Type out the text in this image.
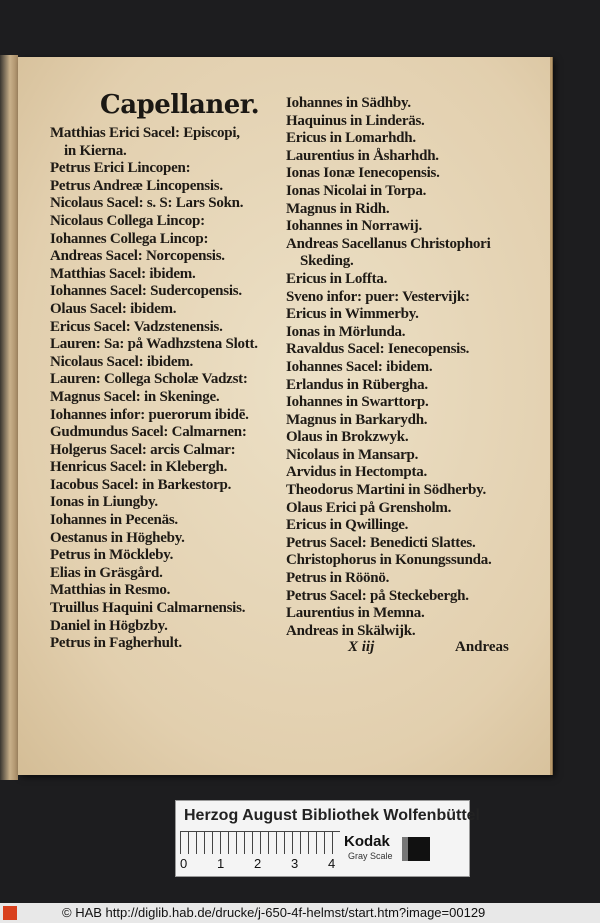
Capellaner.
Matthias Erici Sacel: Episcopi,
in Kierna.
Petrus Erici Lincopen:
Petrus Andreæ Lincopensis.
Nicolaus Sacel: s. S: Lars Sokn.
Nicolaus Collega Lincop:
Iohannes Collega Lincop:
Andreas Sacel: Norcopensis.
Matthias Sacel: ibidem.
Iohannes Sacel: Sudercopensis.
Olaus Sacel: ibidem.
Ericus Sacel: Vadzstenensis.
Lauren: Sa: på Wadhzstena Slott.
Nicolaus Sacel: ibidem.
Lauren: Collega Scholæ Vadzst:
Magnus Sacel: in Skeninge.
Iohannes infor: puerorum ibidē.
Gudmundus Sacel: Calmarnen:
Holgerus Sacel: arcis Calmar:
Henricus Sacel: in Klebergh.
Iacobus Sacel: in Barkestorp.
Ionas in Liungby.
Iohannes in Pecenäs.
Oestanus in Högheby.
Petrus in Möckleby.
Elias in Gräsgård.
Matthias in Resmo.
Truillus Haquini Calmarnensis.
Daniel in Högbzby.
Petrus in Fagherhult.
Iohannes in Sädhby.
Haquinus in Linderäs.
Ericus in Lomarhdh.
Laurentius in Åsharhdh.
Ionas Ionæ Ienecopensis.
Ionas Nicolai in Torpa.
Magnus in Ridh.
Iohannes in Norrawij.
Andreas Sacellanus Christophori
Skeding.
Ericus in Loffta.
Sveno infor: puer: Vestervijk:
Ericus in Wimmerby.
Ionas in Mörlunda.
Ravaldus Sacel: Ienecopensis.
Iohannes Sacel: ibidem.
Erlandus in Rübergha.
Iohannes in Swarttorp.
Magnus in Barkarydh.
Olaus in Brokzwyk.
Nicolaus in Mansarp.
Arvidus in Hectompta.
Theodorus Martini in Södherby.
Olaus Erici på Grensholm.
Ericus in Qwillinge.
Petrus Sacel: Benedicti Slattes.
Christophorus in Konungssunda.
Petrus in Röönö.
Petrus Sacel: på Steckebergh.
Laurentius in Memna.
Andreas in Skälwijk.
X iij	Andreas
Herzog August Bibliothek Wolfenbüttel
0 1 2 3 4
Kodak
Gray Scale
© HAB http://diglib.hab.de/drucke/j-650-4f-helmst/start.htm?image=00129
